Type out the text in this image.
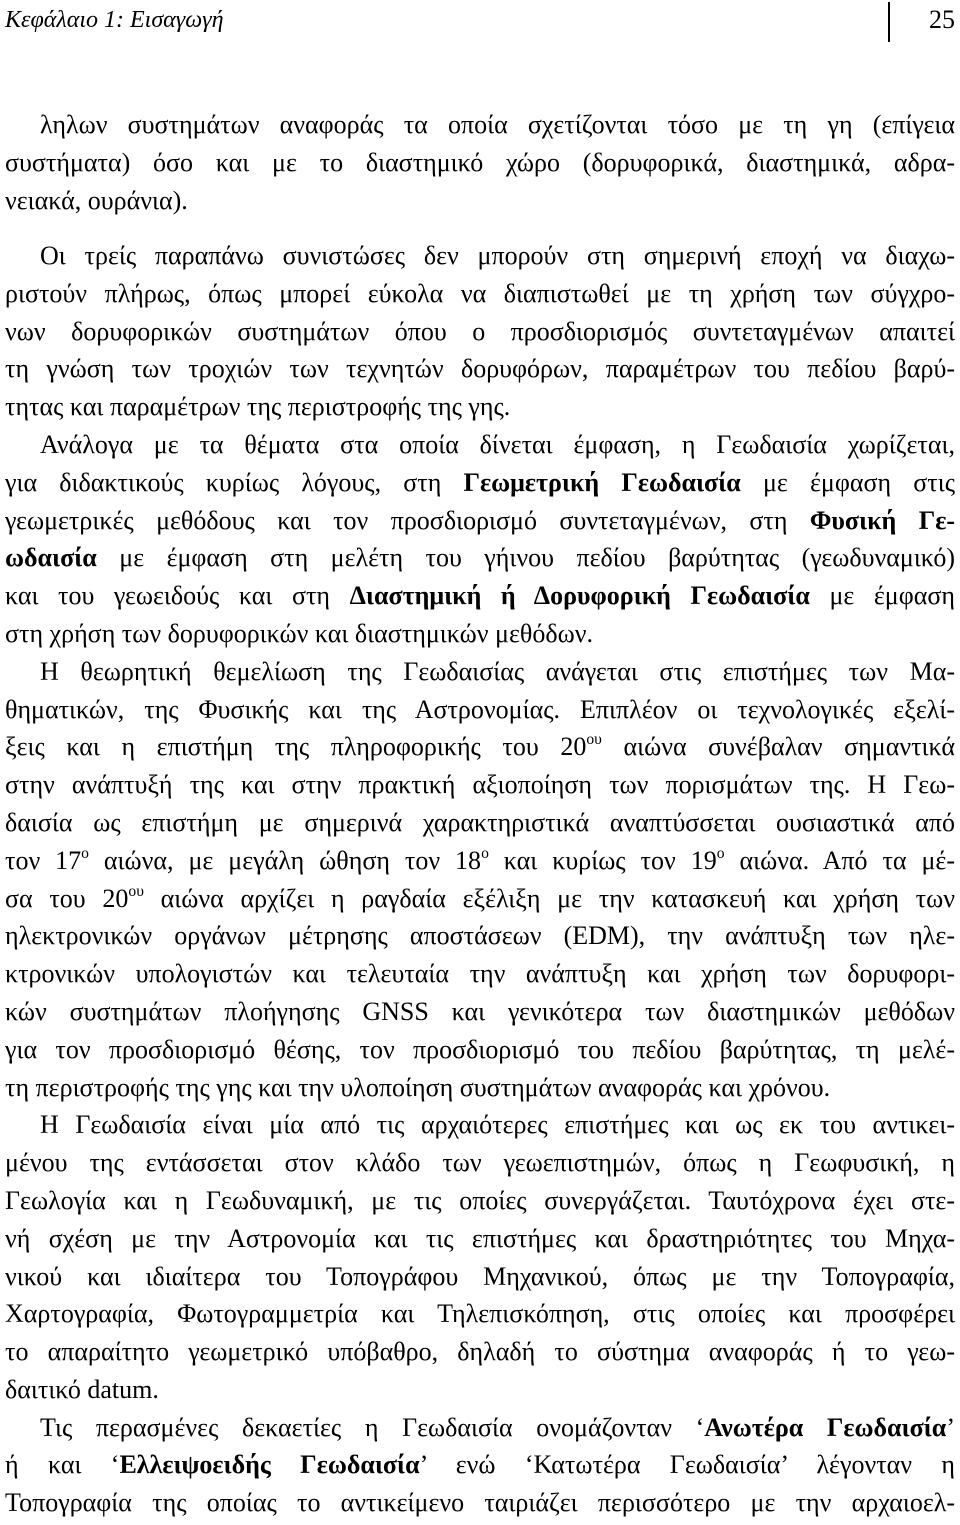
Κεφάλαιο 1: Εισαγωγή	25
ληλων συστημάτων αναφοράς τα οποία σχετίζονται τόσο με τη γη (επίγεια
συστήματα) όσο και με το διαστημικό χώρο (δορυφορικά, διαστημικά, αδρα-
νειακά, ουράνια).
Οι τρείς παραπάνω συνιστώσες δεν μπορούν στη σημερινή εποχή να διαχω-
ριστούν πλήρως, όπως μπορεί εύκολα να διαπιστωθεί με τη χρήση των σύγχρο-
νων δορυφορικών συστημάτων όπου ο προσδιορισμός συντεταγμένων απαιτεί
τη γνώση των τροχιών των τεχνητών δορυφόρων, παραμέτρων του πεδίου βαρύ-
τητας και παραμέτρων της περιστροφής της γης.
Ανάλογα με τα θέματα στα οποία δίνεται έμφαση, η Γεωδαισία χωρίζεται,
για διδακτικούς κυρίως λόγους, στη Γεωμετρική Γεωδαισία με έμφαση στις
γεωμετρικές μεθόδους και τον προσδιορισμό συντεταγμένων, στη Φυσική Γε-
ωδαισία με έμφαση στη μελέτη του γήινου πεδίου βαρύτητας (γεωδυναμικό)
και του γεωειδούς και στη Διαστημική ή Δορυφορική Γεωδαισία με έμφαση
στη χρήση των δορυφορικών και διαστημικών μεθόδων.
Η θεωρητική θεμελίωση της Γεωδαισίας ανάγεται στις επιστήμες των Μα-
θηματικών, της Φυσικής και της Αστρονομίας. Επιπλέον οι τεχνολογικές εξελί-
ξεις και η επιστήμη της πληροφορικής του $20^{o\upsilon}$ αιώνα συνέβαλαν σημαντικά
στην ανάπτυξή της και στην πρακτική αξιοποίηση των πορισμάτων της. Η Γεω-
δαισία ως επιστήμη με σημερινά χαρακτηριστικά αναπτύσσεται ουσιαστικά από
τον $17^o$ αιώνα, με μεγάλη ώθηση τον $18^o$ και κυρίως τον $19^o$ αιώνα. Από τα μέ-
σα του $20^{o\upsilon}$ αιώνα αρχίζει η ραγδαία εξέλιξη με την κατασκευή και χρήση των
ηλεκτρονικών οργάνων μέτρησης αποστάσεων (EDM), την ανάπτυξη των ηλε-
κτρονικών υπολογιστών και τελευταία την ανάπτυξη και χρήση των δορυφορι-
κών συστημάτων πλοήγησης GNSS και γενικότερα των διαστημικών μεθόδων
για τον προσδιορισμό θέσης, τον προσδιορισμό του πεδίου βαρύτητας, τη μελέ-
τη περιστροφής της γης και την υλοποίηση συστημάτων αναφοράς και χρόνου.
Η Γεωδαισία είναι μία από τις αρχαιότερες επιστήμες και ως εκ του αντικει-
μένου της εντάσσεται στον κλάδο των γεωεπιστημών, όπως η Γεωφυσική, η
Γεωλογία και η Γεωδυναμική, με τις οποίες συνεργάζεται. Ταυτόχρονα έχει στε-
νή σχέση με την Αστρονομία και τις επιστήμες και δραστηριότητες του Μηχα-
νικού και ιδιαίτερα του Τοπογράφου Μηχανικού, όπως με την Τοπογραφία,
Χαρτογραφία, Φωτογραμμετρία και Τηλεπισκόπηση, στις οποίες και προσφέρει
το απαραίτητο γεωμετρικό υπόβαθρο, δηλαδή το σύστημα αναφοράς ή το γεω-
δαιτικό datum.
Τις περασμένες δεκαετίες η Γεωδαισία ονομάζονταν ‘Ανωτέρα Γεωδαισία’
ή και ‘Ελλειψοειδής Γεωδαισία’ ενώ ‘Κατωτέρα Γεωδαισία’ λέγονταν η
Τοπογραφία της οποίας το αντικείμενο ταιριάζει περισσότερο με την αρχαιοελ-
